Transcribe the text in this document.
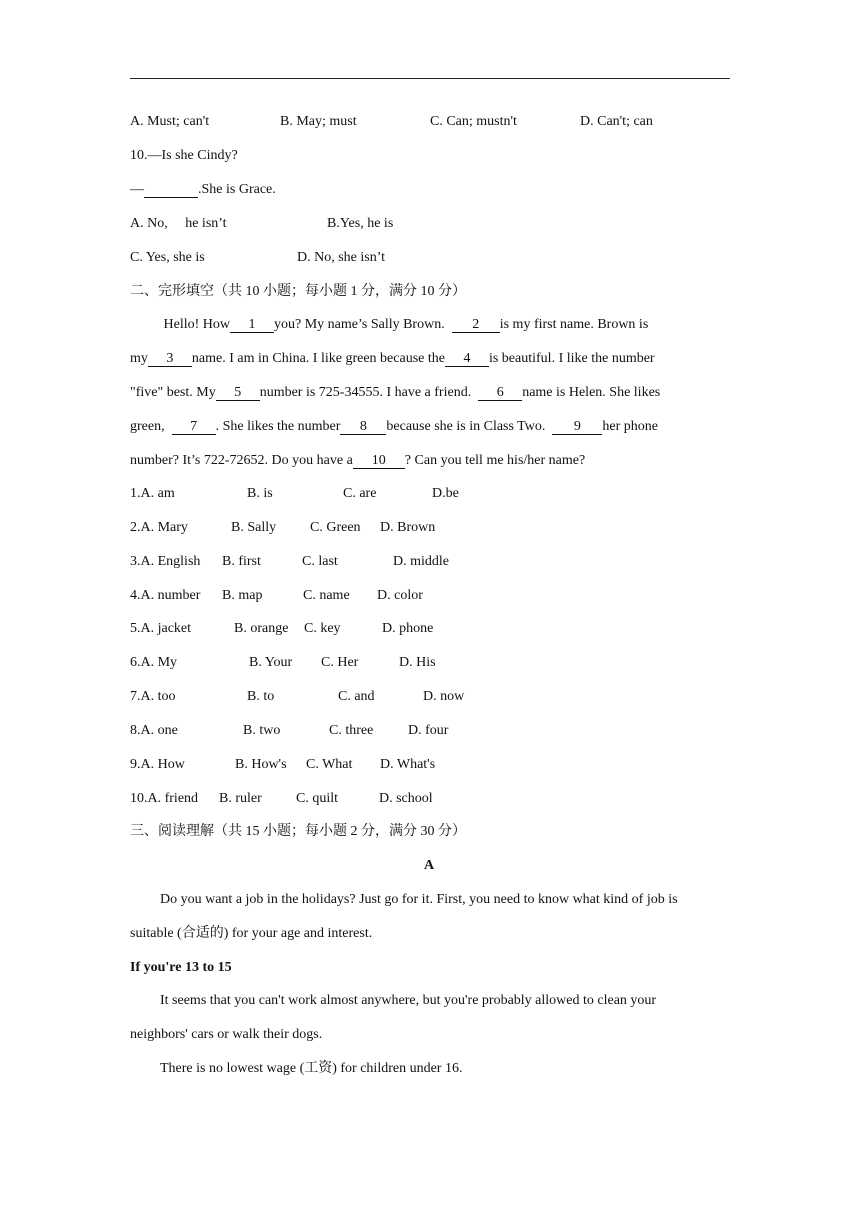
A. Must; can't	B. May; must	C. Can; mustn't	D. Can't; can
10.—Is she Cindy?
—	.She is Grace.
A. No,     he isn’t	B.Yes, he is
C. Yes, she is	D. No, she isn’t
二、完形填空（共 10 小题；每小题 1 分，满分 10 分）
Hello! How 1 you? My name’s Sally Brown.  2 is my first name. Brown is
my 3 name. I am in China. I like green because the 4 is beautiful. I like the number
"five" best. My 5 number is 725-34555. I have a friend.  6 name is Helen. She likes
green,  7 . She likes the number 8 because she is in Class Two.  9 her phone
number? It’s 722-72652. Do you have a 10 ? Can you tell me his/her name?
1.A. am	B. is	C. are	D.be
2.A. Mary	B. Sally C. Green D. Brown
3.A. English B. first	C. last	D. middle
4.A. number B. map	C. name D. color
5.A. jacket	B. orange C. key	D. phone
6.A. My	B. Your C. Her	D. His
7.A. too	B. to	C. and	D. now
8.A. one	B. two	C. three D. four
9.A. How	B. How's C. What D. What's
10.A. friend B. ruler C. quilt	D. school
三、阅读理解（共 15 小题；每小题 2 分，满分 30 分）
A
Do you want a job in the holidays? Just go for it. First, you need to know what kind of job is
suitable (合适的) for your age and interest.
If you're 13 to 15
It seems that you can't work almost anywhere, but you're probably allowed to clean your
neighbors' cars or walk their dogs.
There is no lowest wage (工资) for children under 16.
